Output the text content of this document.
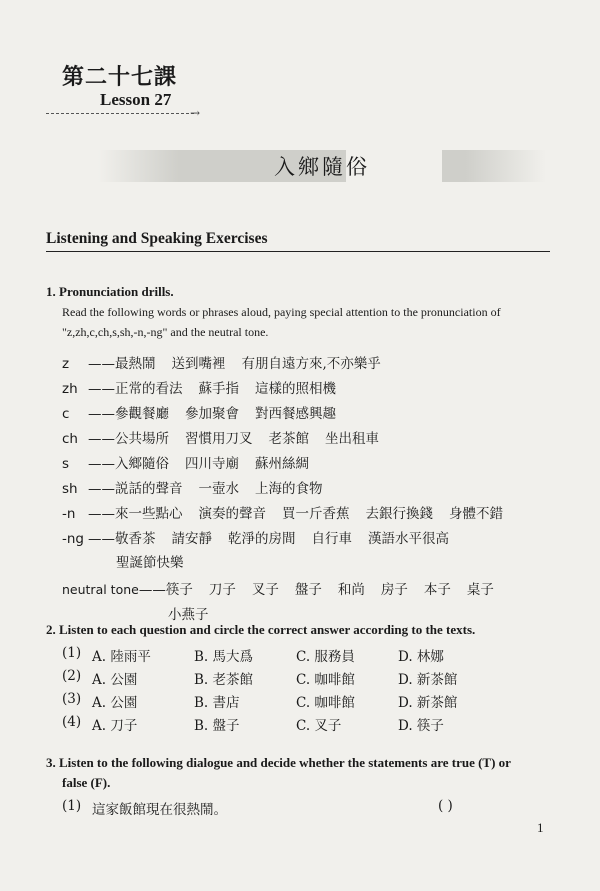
第二十七課
Lesson 27
→
入鄉隨俗
Listening and Speaking Exercises
1. Pronunciation drills.
Read the following words or phrases aloud, paying special attention to the pronunciation of
"z,zh,c,ch,s,sh,-n,-ng" and the neutral tone.
z ——最熱鬧 送到嘴裡 有朋自遠方來,不亦樂乎
zh ——正常的看法 蘇手指 這樣的照相機
c ——參觀餐廳 參加聚會 對西餐感興趣
ch ——公共場所 習慣用刀叉 老茶館 坐出租車
s ——入鄉隨俗 四川寺廟 蘇州絲綢
sh ——説話的聲音 一壺水 上海的食物
-n ——來一些點心 演奏的聲音 買一斤香蕉 去銀行換錢 身體不錯
-ng ——敬香茶 請安靜 乾淨的房間 自行車 漢語水平很高
聖誕節快樂
neutral tone——筷子 刀子 叉子 盤子 和尚 房子 本子 桌子
小燕子
2. Listen to each question and circle the correct answer according to the texts.
(1) A. 陸雨平	B. 馬大爲	C. 服務員	D. 林娜
(2) A. 公園	B. 老茶館	C. 咖啡館	D. 新茶館
(3) A. 公園	B. 書店	C. 咖啡館	D. 新茶館
(4) A. 刀子	B. 盤子	C. 叉子	D. 筷子
3. Listen to the following dialogue and decide whether the statements are true (T) or
false (F).
(1) 這家飯館現在很熱鬧。	( )
1
